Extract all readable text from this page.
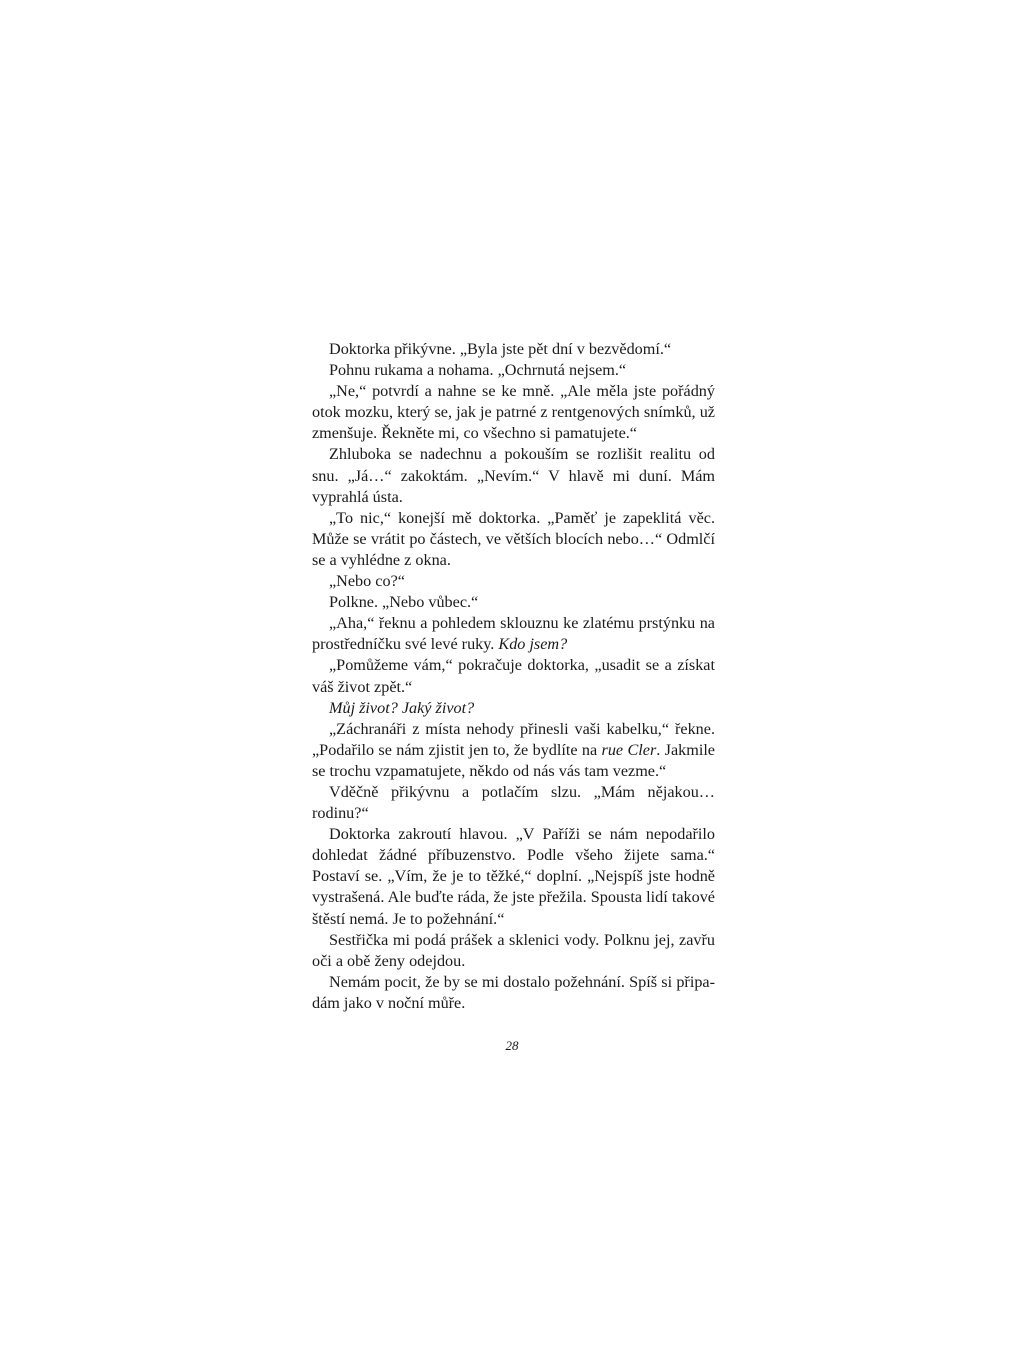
Doktorka přikývne. „Byla jste pět dní v bezvědomí.“

Pohnu rukama a nohama. „Ochrnutá nejsem.“

„Ne,“ potvrdí a nahne se ke mně. „Ale měla jste pořádný otok mozku, který se, jak je patrné z rentgenových snímků, už zmenšuje. Řekněte mi, co všechno si pamatujete.“

Zhluboka se nadechnu a pokouším se rozlišit realitu od snu. „Já…“ zakoktám. „Nevím.“ V hlavě mi duní. Mám vyprahlá ústa.

„To nic,“ konejší mě doktorka. „Paměť je zapeklitá věc. Může se vrátit po částech, ve větších blocích nebo…“ Odmlčí se a vyhlédne z okna.

„Nebo co?“

Polkne. „Nebo vůbec.“

„Aha,“ řeknu a pohledem sklouznu ke zlatému prstýnku na prostředníčku své levé ruky. Kdo jsem?

„Pomůžeme vám,“ pokračuje doktorka, „usadit se a získat váš život zpět.“

Můj život? Jaký život?

„Záchranáři z místa nehody přinesli vaši kabelku,“ řekne. „Podařilo se nám zjistit jen to, že bydlíte na rue Cler. Jakmile se trochu vzpamatujete, někdo od nás vás tam vezme.“

Vděčně přikývnu a potlačím slzu. „Mám nějakou… rodinu?“

Doktorka zakroutí hlavou. „V Paříži se nám nepodařilo dohledat žádné příbuzenstvo. Podle všeho žijete sama.“ Postaví se. „Vím, že je to těžké,“ doplní. „Nejspíš jste hodně vystrašená. Ale buďte ráda, že jste přežila. Spousta lidí takové štěstí nemá. Je to požehnání.“

Sestřička mi podá prášek a sklenici vody. Polknu jej, zavřu oči a obě ženy odejdou.

Nemám pocit, že by se mi dostalo požehnání. Spíš si připadám jako v noční můře.

28
